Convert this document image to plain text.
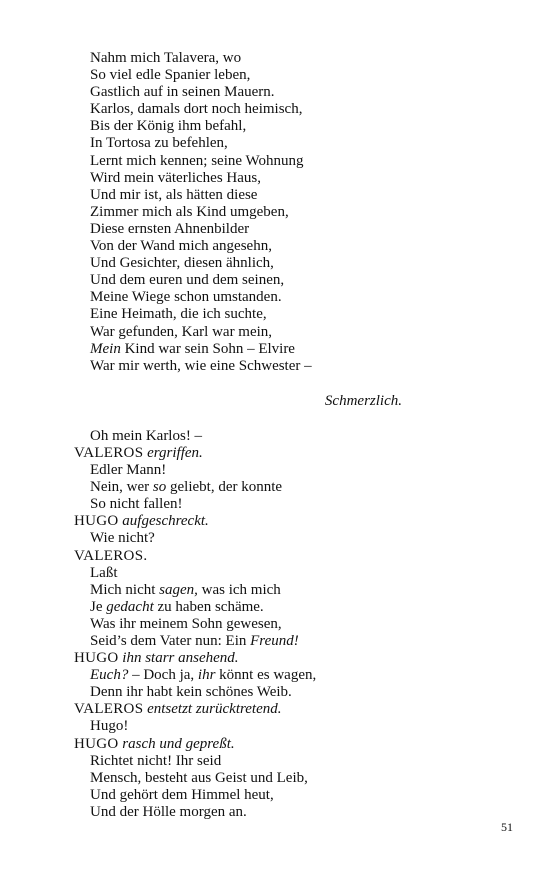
Nahm mich Talavera, wo
So viel edle Spanier leben,
Gastlich auf in seinen Mauern.
Karlos, damals dort noch heimisch,
Bis der König ihm befahl,
In Tortosa zu befehlen,
Lernt mich kennen; seine Wohnung
Wird mein väterliches Haus,
Und mir ist, als hätten diese
Zimmer mich als Kind umgeben,
Diese ernsten Ahnenbilder
Von der Wand mich angesehn,
Und Gesichter, diesen ähnlich,
Und dem euren und dem seinen,
Meine Wiege schon umstanden.
Eine Heimath, die ich suchte,
War gefunden, Karl war mein,
Mein Kind war sein Sohn – Elvire
War mir werth, wie eine Schwester –
Schmerzlich.
Oh mein Karlos! –
VALEROS ergriffen.
Edler Mann!
Nein, wer so geliebt, der konnte
So nicht fallen!
HUGO aufgeschreckt.
Wie nicht?
VALEROS.
Laßt
Mich nicht sagen, was ich mich
Je gedacht zu haben schäme.
Was ihr meinem Sohn gewesen,
Seid’s dem Vater nun: Ein Freund!
HUGO ihn starr ansehend.
Euch? – Doch ja, ihr könnt es wagen,
Denn ihr habt kein schönes Weib.
VALEROS entsetzt zurücktretend.
Hugo!
HUGO rasch und gepreßt.
Richtet nicht! Ihr seid
Mensch, besteht aus Geist und Leib,
Und gehört dem Himmel heut,
Und der Hölle morgen an.
51
